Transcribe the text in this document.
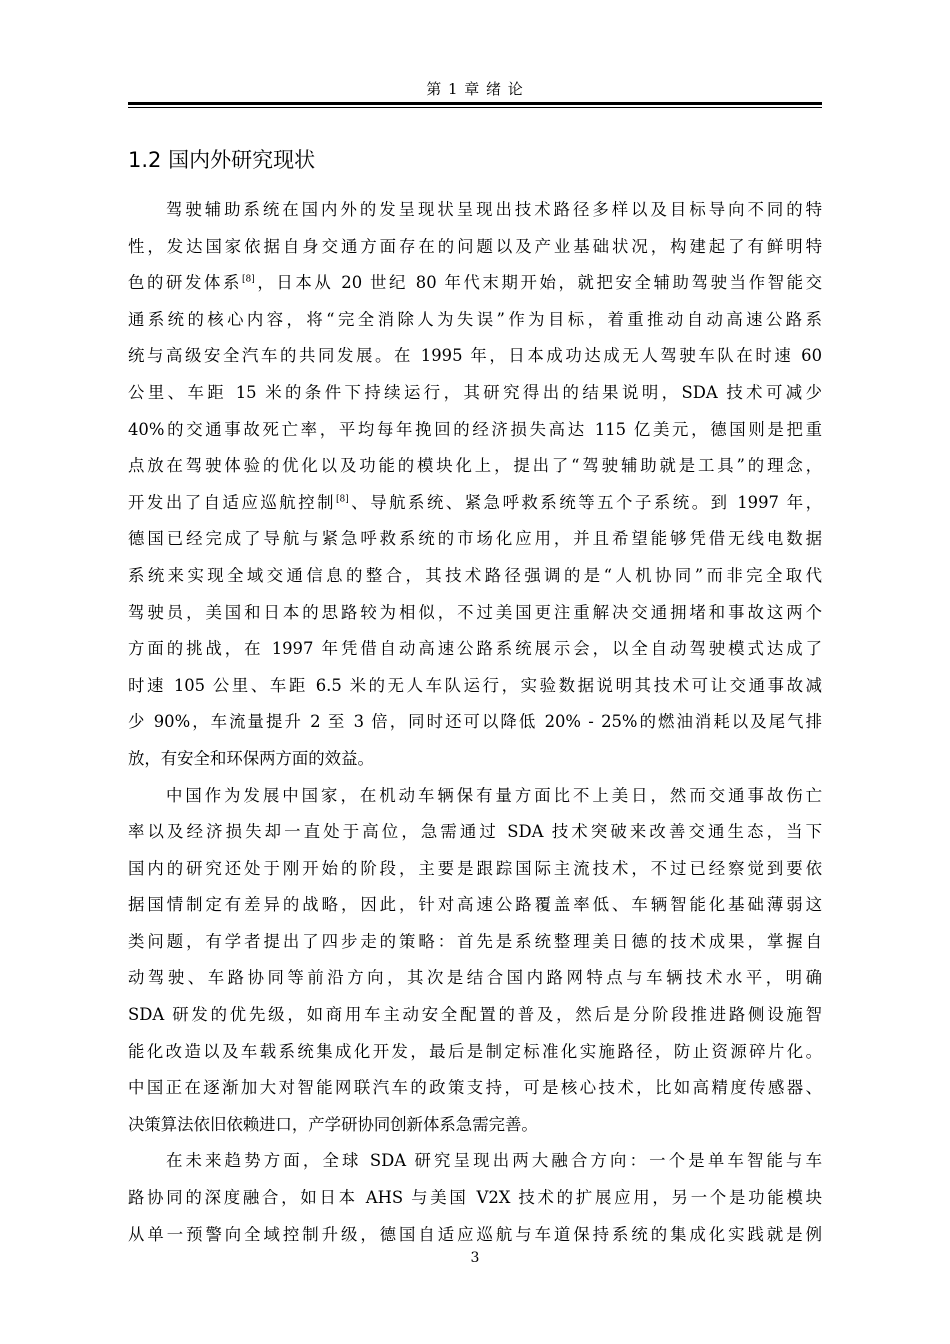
第 1 章 绪 论
1.2 国内外研究现状
驾驶辅助系统在国内外的发呈现状呈现出技术路径多样以及目标导向不同的特
性，发达国家依据自身交通方面存在的问题以及产业基础状况，构建起了有鲜明特
色的研发体系[8]，日本从 20 世纪 80 年代末期开始，就把安全辅助驾驶当作智能交
通系统的核心内容，将“完全消除人为失误”作为目标，着重推动自动高速公路系
统与高级安全汽车的共同发展。在 1995 年，日本成功达成无人驾驶车队在时速 60
公里、车距 15 米的条件下持续运行，其研究得出的结果说明，SDA 技术可减少
40%的交通事故死亡率，平均每年挽回的经济损失高达 115 亿美元，德国则是把重
点放在驾驶体验的优化以及功能的模块化上，提出了“驾驶辅助就是工具”的理念，
开发出了自适应巡航控制[8]、导航系统、紧急呼救系统等五个子系统。到 1997 年，
德国已经完成了导航与紧急呼救系统的市场化应用，并且希望能够凭借无线电数据
系统来实现全域交通信息的整合，其技术路径强调的是“人机协同”而非完全取代
驾驶员，美国和日本的思路较为相似，不过美国更注重解决交通拥堵和事故这两个
方面的挑战，在 1997 年凭借自动高速公路系统展示会，以全自动驾驶模式达成了
时速 105 公里、车距 6.5 米的无人车队运行，实验数据说明其技术可让交通事故减
少 90%，车流量提升 2 至 3 倍，同时还可以降低 20% - 25%的燃油消耗以及尾气排
放，有安全和环保两方面的效益。
中国作为发展中国家，在机动车辆保有量方面比不上美日，然而交通事故伤亡
率以及经济损失却一直处于高位，急需通过 SDA 技术突破来改善交通生态，当下
国内的研究还处于刚开始的阶段，主要是跟踪国际主流技术，不过已经察觉到要依
据国情制定有差异的战略，因此，针对高速公路覆盖率低、车辆智能化基础薄弱这
类问题，有学者提出了四步走的策略：首先是系统整理美日德的技术成果，掌握自
动驾驶、车路协同等前沿方向，其次是结合国内路网特点与车辆技术水平，明确
SDA 研发的优先级，如商用车主动安全配置的普及，然后是分阶段推进路侧设施智
能化改造以及车载系统集成化开发，最后是制定标准化实施路径，防止资源碎片化。
中国正在逐渐加大对智能网联汽车的政策支持，可是核心技术，比如高精度传感器、
决策算法依旧依赖进口，产学研协同创新体系急需完善。
在未来趋势方面，全球 SDA 研究呈现出两大融合方向：一个是单车智能与车
路协同的深度融合，如日本 AHS 与美国 V2X 技术的扩展应用，另一个是功能模块
从单一预警向全域控制升级，德国自适应巡航与车道保持系统的集成化实践就是例
3
